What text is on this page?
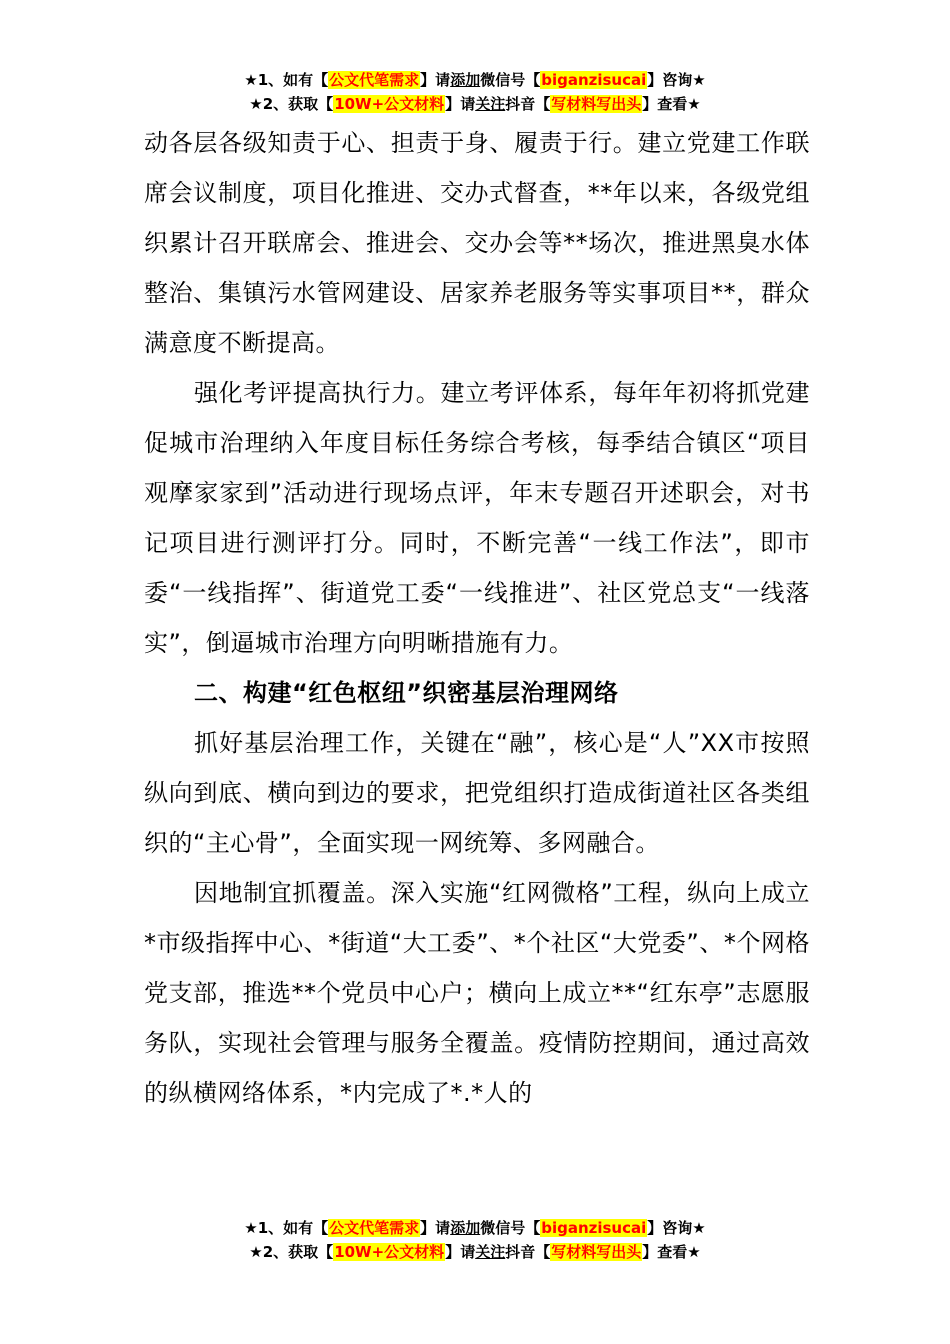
★1、如有【公文代笔需求】请添加微信号【biganzisucai】咨询★
★2、获取【10W+公文材料】请关注抖音【写材料写出头】查看★

动各层各级知责于心、担责于身、履责于行。建立党建工作联席会议制度，项目化推进、交办式督查，**年以来，各级党组织累计召开联席会、推进会、交办会等**场次，推进黑臭水体整治、集镇污水管网建设、居家养老服务等实事项目**，群众满意度不断提高。

强化考评提高执行力。建立考评体系，每年年初将抓党建促城市治理纳入年度目标任务综合考核，每季结合镇区“项目观摩家家到”活动进行现场点评，年末专题召开述职会，对书记项目进行测评打分。同时，不断完善“一线工作法”，即市委“一线指挥”、街道党工委“一线推进”、社区党总支“一线落实”，倒逼城市治理方向明晰措施有力。

二、构建“红色枢纽”织密基层治理网络

抓好基层治理工作，关键在“融”，核心是“人”XX市按照纵向到底、横向到边的要求，把党组织打造成街道社区各类组织的“主心骨”，全面实现一网统筹、多网融合。

因地制宜抓覆盖。深入实施“红网微格”工程，纵向上成立*市级指挥中心、*街道“大工委”、*个社区“大党委”、*个网格党支部，推选**个党员中心户；横向上成立**“红东亭”志愿服务队，实现社会管理与服务全覆盖。疫情防控期间，通过高效的纵横网络体系，*内完成了*.*人的

★1、如有【公文代笔需求】请添加微信号【biganzisucai】咨询★
★2、获取【10W+公文材料】请关注抖音【写材料写出头】查看★
